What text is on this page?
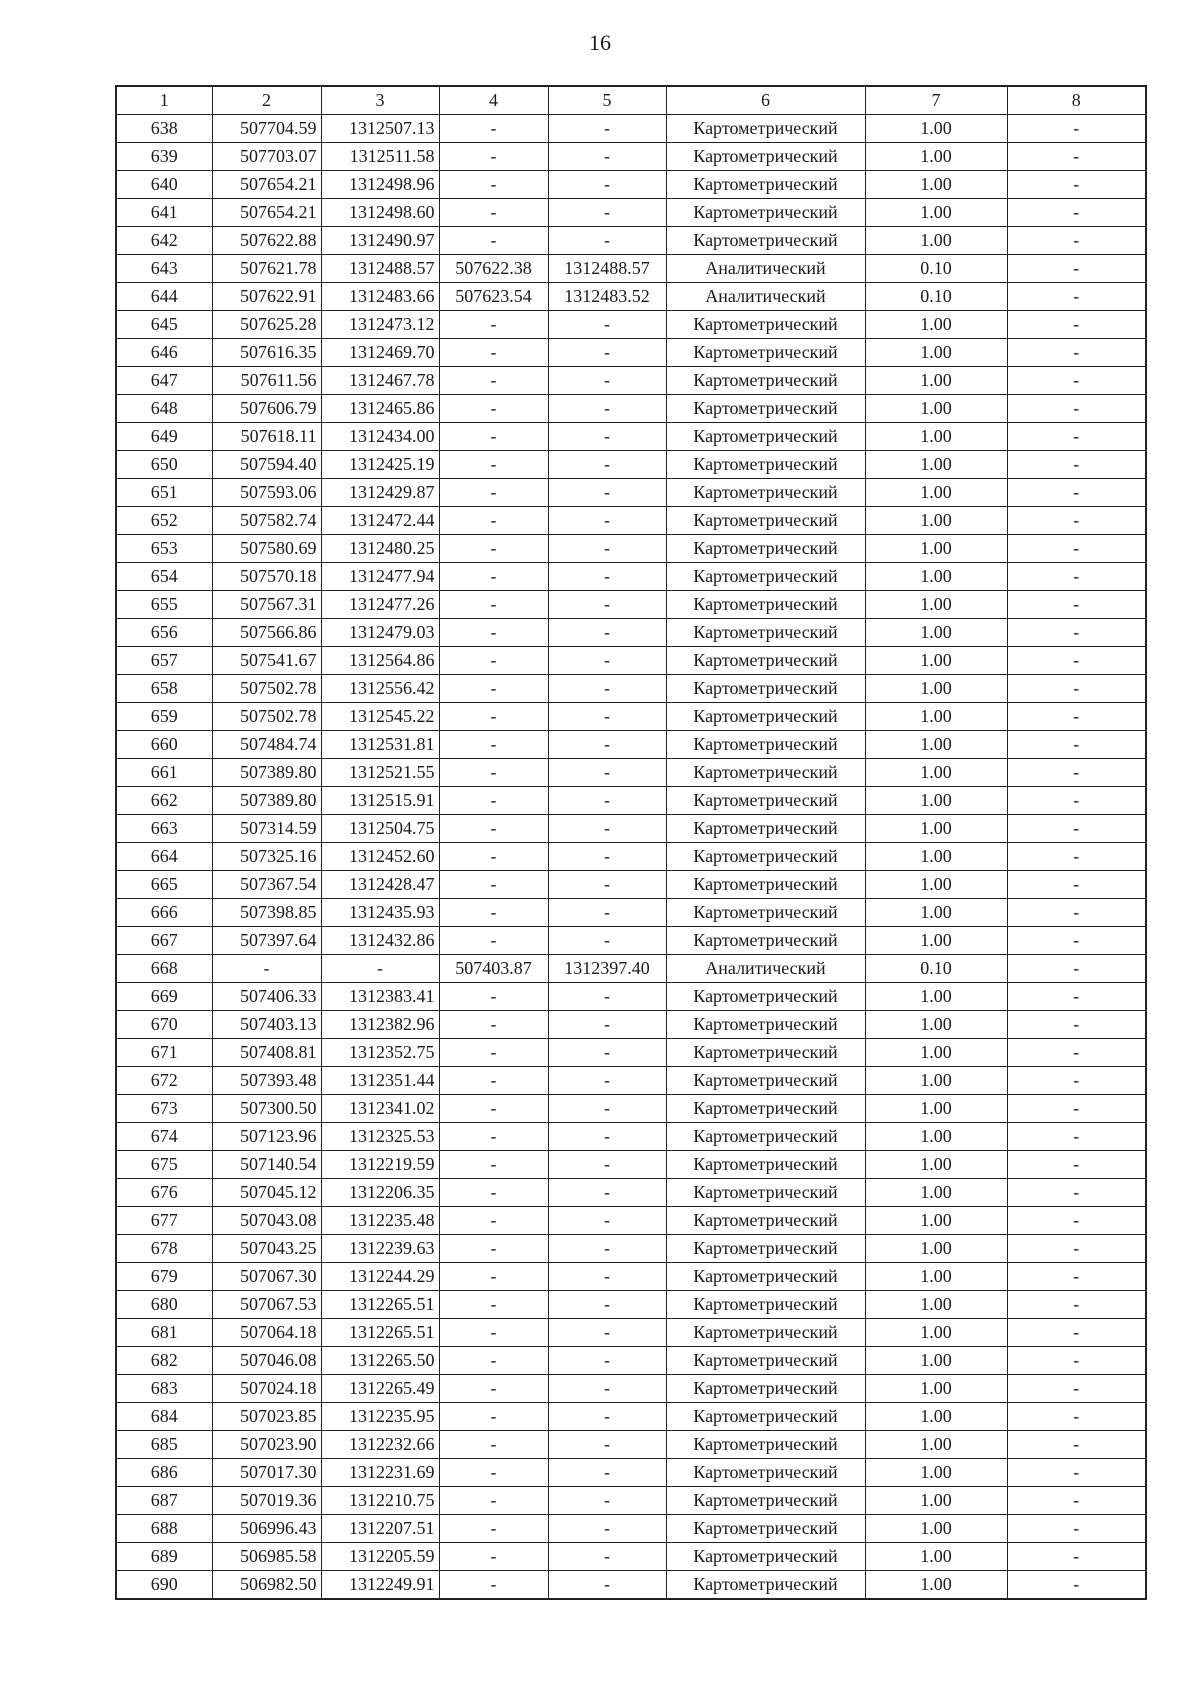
16
1	2	3	4	5	6	7	8
638	507704.59	1312507.13	-	-	Картометрический	1.00	-
639	507703.07	1312511.58	-	-	Картометрический	1.00	-
640	507654.21	1312498.96	-	-	Картометрический	1.00	-
641	507654.21	1312498.60	-	-	Картометрический	1.00	-
642	507622.88	1312490.97	-	-	Картометрический	1.00	-
643	507621.78	1312488.57	507622.38	1312488.57	Аналитический	0.10	-
644	507622.91	1312483.66	507623.54	1312483.52	Аналитический	0.10	-
645	507625.28	1312473.12	-	-	Картометрический	1.00	-
646	507616.35	1312469.70	-	-	Картометрический	1.00	-
647	507611.56	1312467.78	-	-	Картометрический	1.00	-
648	507606.79	1312465.86	-	-	Картометрический	1.00	-
649	507618.11	1312434.00	-	-	Картометрический	1.00	-
650	507594.40	1312425.19	-	-	Картометрический	1.00	-
651	507593.06	1312429.87	-	-	Картометрический	1.00	-
652	507582.74	1312472.44	-	-	Картометрический	1.00	-
653	507580.69	1312480.25	-	-	Картометрический	1.00	-
654	507570.18	1312477.94	-	-	Картометрический	1.00	-
655	507567.31	1312477.26	-	-	Картометрический	1.00	-
656	507566.86	1312479.03	-	-	Картометрический	1.00	-
657	507541.67	1312564.86	-	-	Картометрический	1.00	-
658	507502.78	1312556.42	-	-	Картометрический	1.00	-
659	507502.78	1312545.22	-	-	Картометрический	1.00	-
660	507484.74	1312531.81	-	-	Картометрический	1.00	-
661	507389.80	1312521.55	-	-	Картометрический	1.00	-
662	507389.80	1312515.91	-	-	Картометрический	1.00	-
663	507314.59	1312504.75	-	-	Картометрический	1.00	-
664	507325.16	1312452.60	-	-	Картометрический	1.00	-
665	507367.54	1312428.47	-	-	Картометрический	1.00	-
666	507398.85	1312435.93	-	-	Картометрический	1.00	-
667	507397.64	1312432.86	-	-	Картометрический	1.00	-
668	-	-	507403.87	1312397.40	Аналитический	0.10	-
669	507406.33	1312383.41	-	-	Картометрический	1.00	-
670	507403.13	1312382.96	-	-	Картометрический	1.00	-
671	507408.81	1312352.75	-	-	Картометрический	1.00	-
672	507393.48	1312351.44	-	-	Картометрический	1.00	-
673	507300.50	1312341.02	-	-	Картометрический	1.00	-
674	507123.96	1312325.53	-	-	Картометрический	1.00	-
675	507140.54	1312219.59	-	-	Картометрический	1.00	-
676	507045.12	1312206.35	-	-	Картометрический	1.00	-
677	507043.08	1312235.48	-	-	Картометрический	1.00	-
678	507043.25	1312239.63	-	-	Картометрический	1.00	-
679	507067.30	1312244.29	-	-	Картометрический	1.00	-
680	507067.53	1312265.51	-	-	Картометрический	1.00	-
681	507064.18	1312265.51	-	-	Картометрический	1.00	-
682	507046.08	1312265.50	-	-	Картометрический	1.00	-
683	507024.18	1312265.49	-	-	Картометрический	1.00	-
684	507023.85	1312235.95	-	-	Картометрический	1.00	-
685	507023.90	1312232.66	-	-	Картометрический	1.00	-
686	507017.30	1312231.69	-	-	Картометрический	1.00	-
687	507019.36	1312210.75	-	-	Картометрический	1.00	-
688	506996.43	1312207.51	-	-	Картометрический	1.00	-
689	506985.58	1312205.59	-	-	Картометрический	1.00	-
690	506982.50	1312249.91	-	-	Картометрический	1.00	-
